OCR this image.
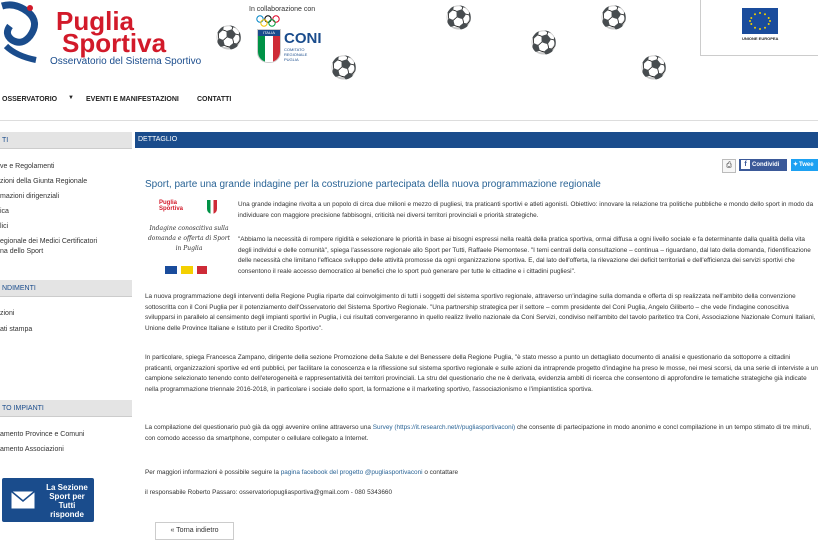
⚽
⚽
⚽
⚽
⚽
⚽
Puglia
Sportiva
Osservatorio del Sistema Sportivo
In collaborazione con
ITALIA CONI
COMITATO
REGIONALE
PUGLIA
UNIONE EUROPEA
OSSERVATORIO ▼ EVENTI E MANIFESTAZIONI	CONTATTI
TI
ve e Regolamenti
zioni della Giunta Regionale
mazioni dirigenziali
ica
lici
egionale dei Medici Certificatori
na dello Sport
NDIMENTI
zioni
ati stampa
TO IMPIANTI
amento Province e Comuni
amento Associazioni
La Sezione Sport per Tutti risponde
DETTAGLIO
⎙	f Condividi	✦Twee
Sport, parte una grande indagine per la costruzione partecipata della nuova programmazione regionale
Puglia
Sportiva
Indagine conoscitiva sulla domanda e offerta di Sport in Puglia
Una grande indagine rivolta a un popolo di circa due milioni e mezzo di pugliesi, tra praticanti sportivi e atleti agonisti. Obiettivo: innovare la relazione tra politiche pubbliche e mondo dello sport in modo da individuare con maggiore precisione fabbisogni, criticità nei diversi territori provinciali e priorità strategiche.
"Abbiamo la necessità di rompere rigidità e selezionare le priorità in base ai bisogni espressi nella realtà della pratica sportiva, ormai diffusa a ogni livello sociale e fa determinante dalla qualità della vita degli individui e delle comunità", spiega l'assessore regionale allo Sport per Tutti, Raffaele Piemontese. "I temi centrali della consultazione – continua – riguardano, dal lato della domanda, l'identificazione delle necessità che limitano l'efficace sviluppo delle attività promosse da ogni organizzazione sportiva. E, dal lato dell'offerta, la rilevazione dei deficit territoriali e dell'efficienza dei servizi sportivi che consentono il reale accesso democratico al benefici che lo sport può generare per tutte le cittadine e i cittadini pugliesi".
La nuova programmazione degli interventi della Regione Puglia riparte dal coinvolgimento di tutti i soggetti del sistema sportivo regionale, attraverso un'indagine sulla domanda e offerta di sp realizzata nell'ambito della convenzione sottoscritta con il Coni Puglia per il potenziamento dell'Osservatorio del Sistema Sportivo Regionale. "Una partnership strategica per il settore – comm presidente del Coni Puglia, Angelo Giliberto – che vede l'indagine conoscitiva svilupparsi in parallelo al censimento degli impianti sportivi in Puglia, i cui risultati convergeranno in quello realizz livello nazionale da Coni Servizi, condiviso nell'ambito del tavolo paritetico tra Coni, Associazione Nazionale Comuni Italiani, Unione delle Province Italiane e Istituto per il Credito Sportivo".
In particolare, spiega Francesca Zampano, dirigente della sezione Promozione della Salute e del Benessere della Regione Puglia, "è stato messo a punto un dettagliato documento di analisi e questionario da sottoporre a cittadini praticanti, organizzazioni sportive ed enti pubblici, per facilitare la conoscenza e la riflessione sul sistema sportivo regionale e sulle azioni da intraprende progetto d'indagine ha preso le mosse, nei mesi scorsi, da una serie di interviste a un campione selezionato tenendo conto dell'eterogeneità e rappresentatività dei territori provinciali. La stru del questionario che ne è derivata, evidenzia ambiti di ricerca che consentono di approfondire le tematiche strategiche già indicate nella programmazione triennale 2016-2018, in particolare i sociale dello sport, la formazione e il marketing sportivo, l'associazionismo e l'impiantistica sportiva.
La compilazione del questionario può già da oggi avvenire online attraverso una Survey (https://it.research.net/r/pugliasportivaconi) che consente di partecipazione in modo anonimo e concl compilazione in un tempo stimato di tre minuti, con comodo accesso da smartphone, computer o cellulare collegato a Internet.
Per maggiori informazioni è possibile seguire la pagina facebook del progetto @pugliasportivaconi o contattare
il responsabile Roberto Passaro: osservatoriopugliasportiva@gmail.com - 080 5343660
« Torna indietro
